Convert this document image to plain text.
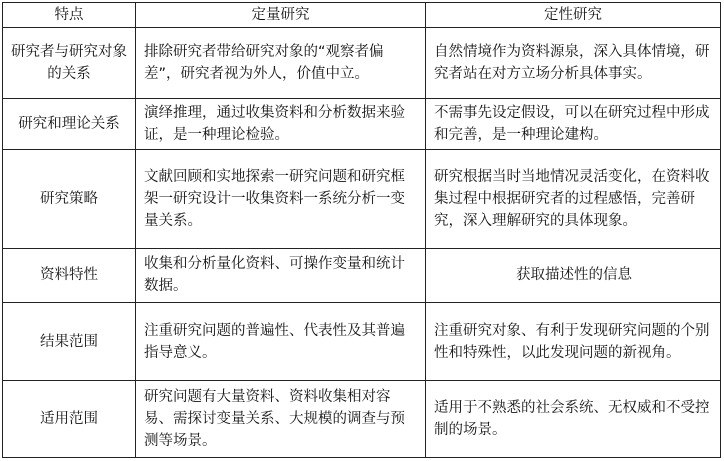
特点	定量研究	定性研究
研究者与研究对象的关系	排除研究者带给研究对象的“观察者偏差”，研究者视为外人，价值中立。	自然情境作为资料源泉，深入具体情境，研究者站在对方立场分析具体事实。
研究和理论关系	演绎推理，通过收集资料和分析数据来验证，是一种理论检验。	不需事先设定假设，可以在研究过程中形成和完善，是一种理论建构。
研究策略	文献回顾和实地探索一研究问题和研究框架一研究设计一收集资料一系统分析一变量关系。	研究根据当时当地情况灵活变化，在资料收集过程中根据研究者的过程感悟，完善研究，深入理解研究的具体现象。
资料特性	收集和分析量化资料、可操作变量和统计数据。	获取描述性的信息
结果范围	注重研究问题的普遍性、代表性及其普遍指导意义。	注重研究对象、有利于发现研究问题的个别性和特殊性，以此发现问题的新视角。
适用范围	研究问题有大量资料、资料收集相对容易、需探讨变量关系、大规模的调查与预测等场景。	适用于不熟悉的社会系统、无权威和不受控制的场景。
